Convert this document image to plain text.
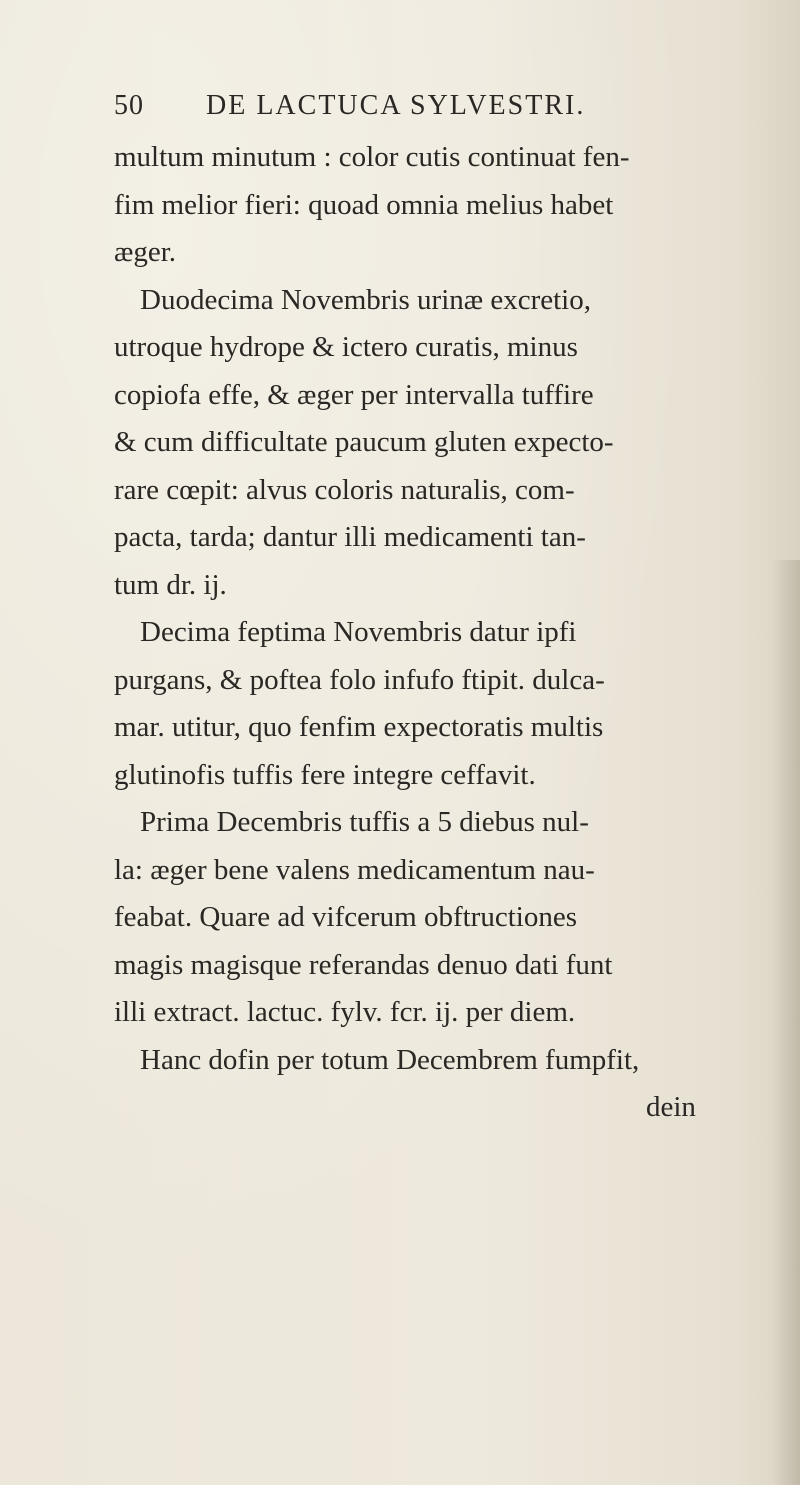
50 DE LACTUCA SYLVESTRI.
multum minutum : color cutis continuat fen-
fim melior fieri: quoad omnia melius habet
æger.
Duodecima Novembris urinæ excretio,
utroque hydrope & ictero curatis, minus
copiofa effe, & æger per intervalla tuffire
& cum difficultate paucum gluten expecto-
rare cœpit: alvus coloris naturalis, com-
pacta, tarda; dantur illi medicamenti tan-
tum dr. ij.
Decima feptima Novembris datur ipfi
purgans, & poftea folo infufo ftipit. dulca-
mar. utitur, quo fenfim expectoratis multis
glutinofis tuffis fere integre ceffavit.
Prima Decembris tuffis a 5 diebus nul-
la: æger bene valens medicamentum nau-
feabat. Quare ad vifcerum obftructiones
magis magisque referandas denuo dati funt
illi extract. lactuc. fylv. fcr. ij. per diem.
Hanc dofin per totum Decembrem fumpfit,
dein
